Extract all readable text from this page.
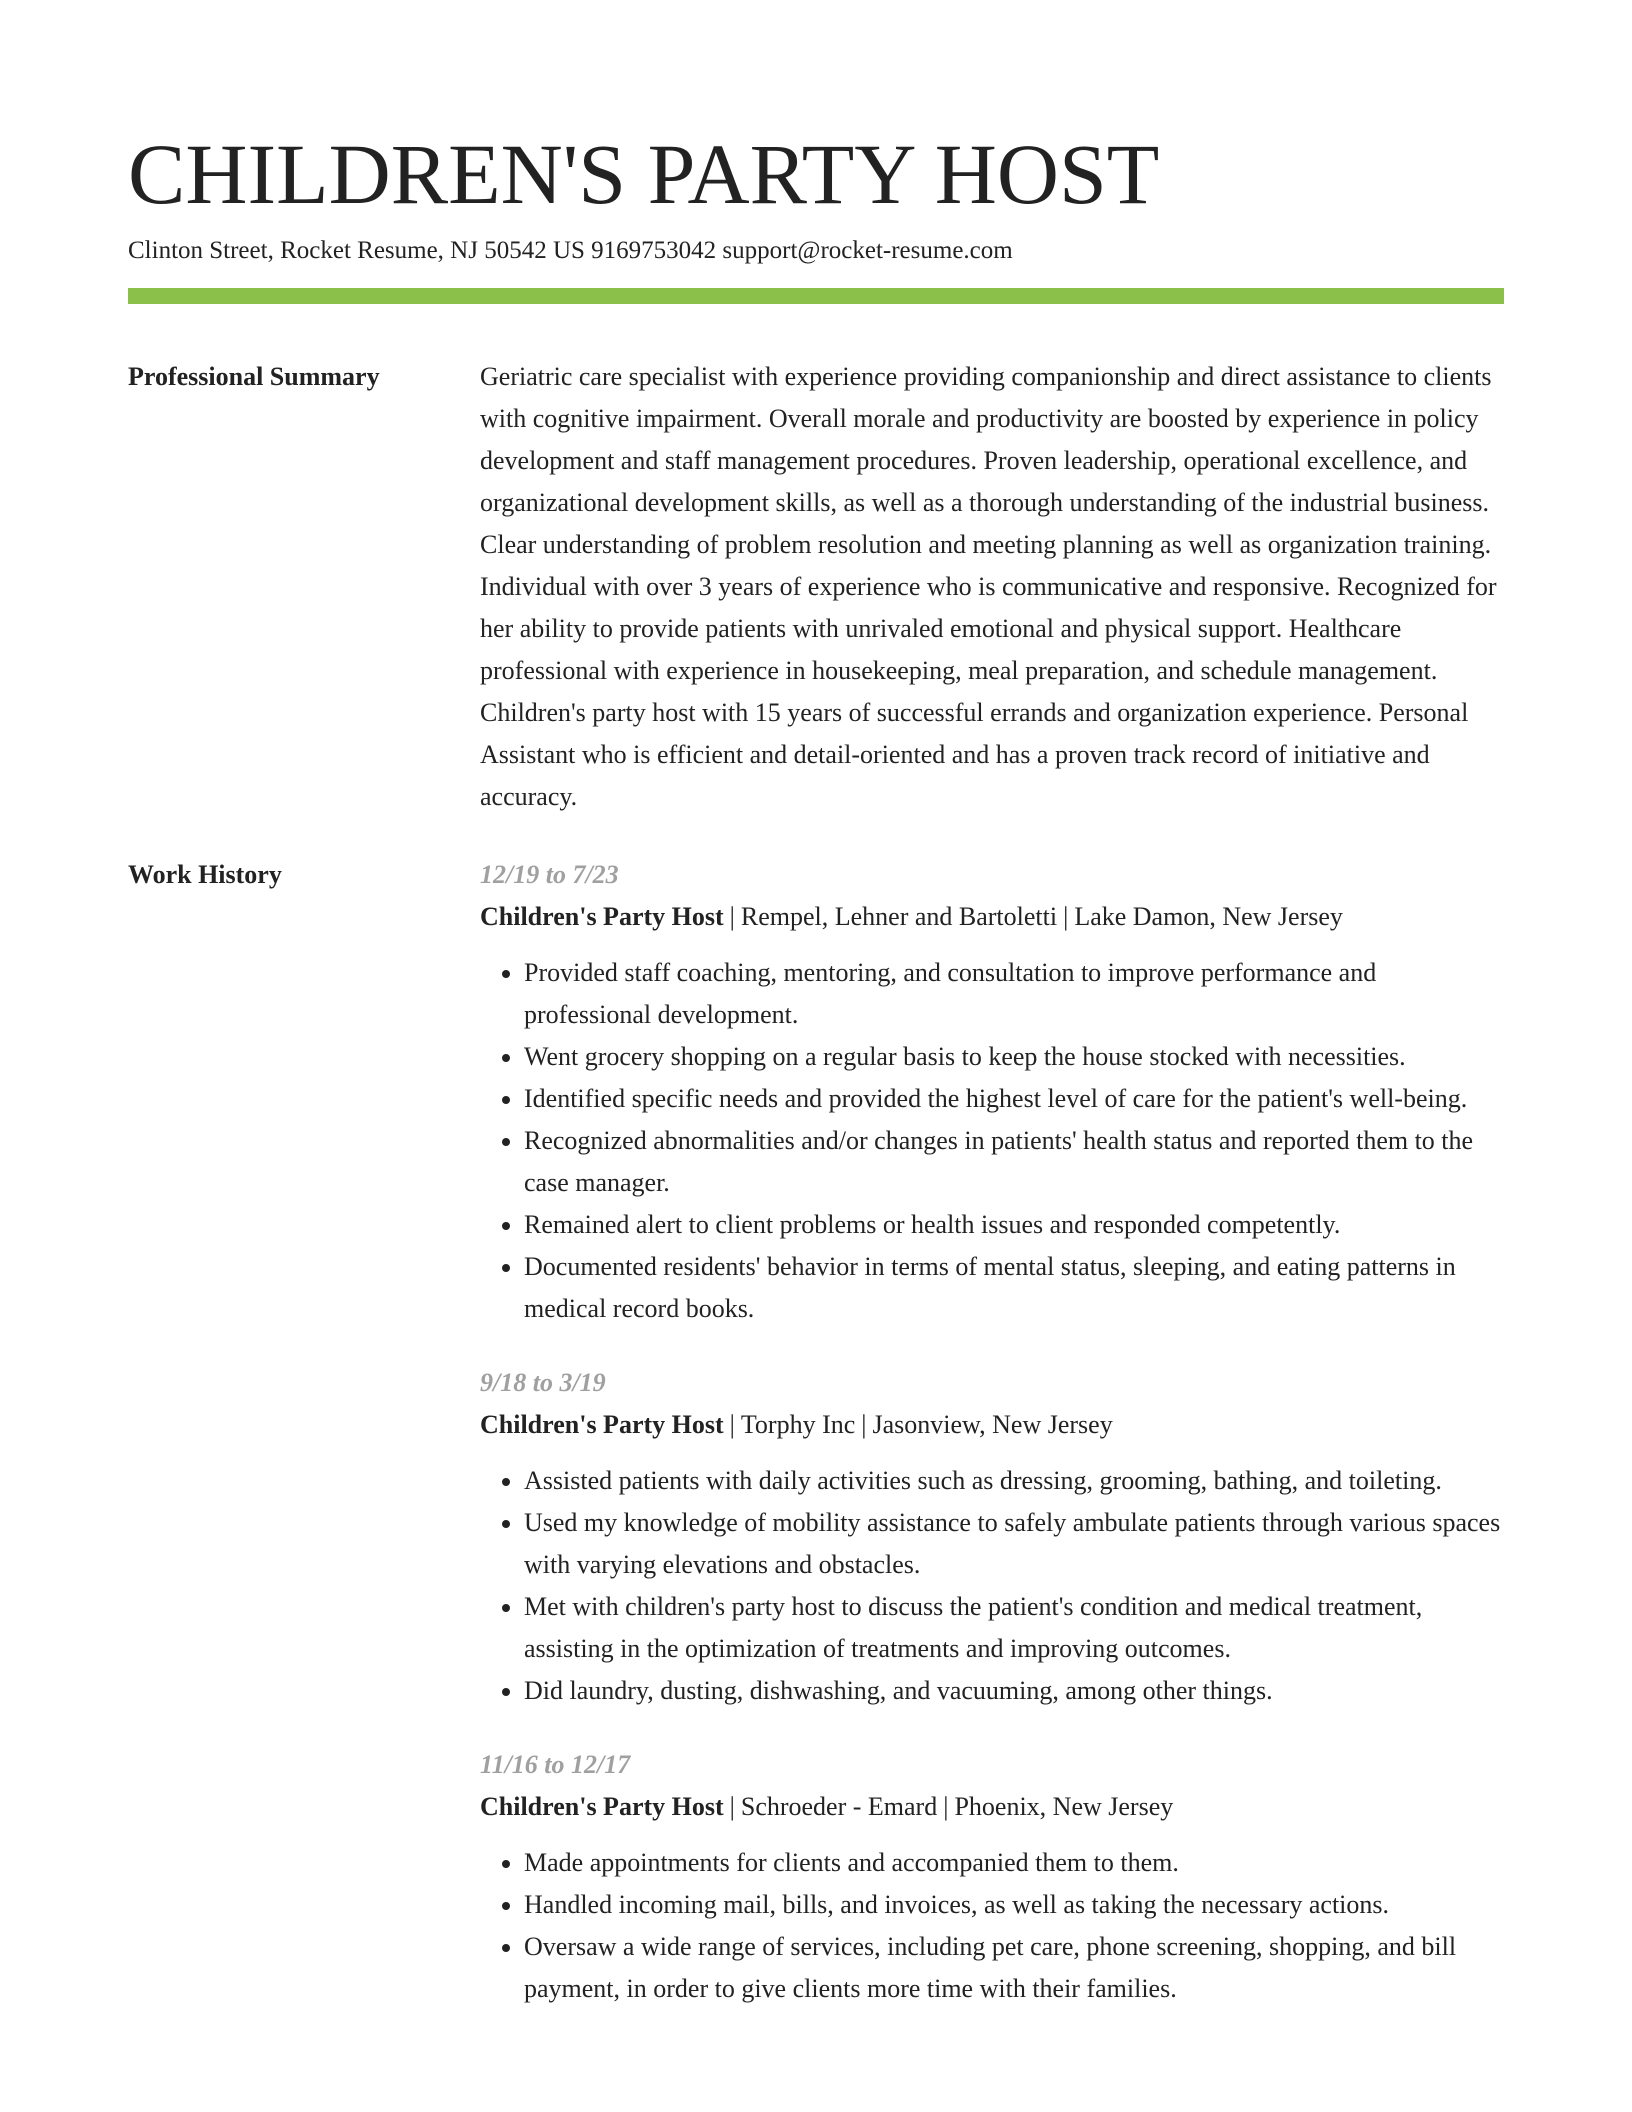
CHILDREN'S PARTY HOST
Clinton Street, Rocket Resume, NJ 50542 US 9169753042 support@rocket-resume.com
Professional Summary	Geriatric care specialist with experience providing companionship and direct assistance to clients with cognitive impairment. Overall morale and productivity are boosted by experience in policy development and staff management procedures. Proven leadership, operational excellence, and organizational development skills, as well as a thorough understanding of the industrial business. Clear understanding of problem resolution and meeting planning as well as organization training. Individual with over 3 years of experience who is communicative and responsive. Recognized for her ability to provide patients with unrivaled emotional and physical support. Healthcare professional with experience in housekeeping, meal preparation, and schedule management. Children's party host with 15 years of successful errands and organization experience. Personal Assistant who is efficient and detail-oriented and has a proven track record of initiative and accuracy.

Work History	12/19 to 7/23
Children's Party Host | Rempel, Lehner and Bartoletti | Lake Damon, New Jersey
• Provided staff coaching, mentoring, and consultation to improve performance and professional development.
• Went grocery shopping on a regular basis to keep the house stocked with necessities.
• Identified specific needs and provided the highest level of care for the patient's well-being.
• Recognized abnormalities and/or changes in patients' health status and reported them to the case manager.
• Remained alert to client problems or health issues and responded competently.
• Documented residents' behavior in terms of mental status, sleeping, and eating patterns in medical record books.
9/18 to 3/19
Children's Party Host | Torphy Inc | Jasonview, New Jersey
• Assisted patients with daily activities such as dressing, grooming, bathing, and toileting.
• Used my knowledge of mobility assistance to safely ambulate patients through various spaces with varying elevations and obstacles.
• Met with children's party host to discuss the patient's condition and medical treatment, assisting in the optimization of treatments and improving outcomes.
• Did laundry, dusting, dishwashing, and vacuuming, among other things.
11/16 to 12/17
Children's Party Host | Schroeder - Emard | Phoenix, New Jersey
• Made appointments for clients and accompanied them to them.
• Handled incoming mail, bills, and invoices, as well as taking the necessary actions.
• Oversaw a wide range of services, including pet care, phone screening, shopping, and bill payment, in order to give clients more time with their families.
